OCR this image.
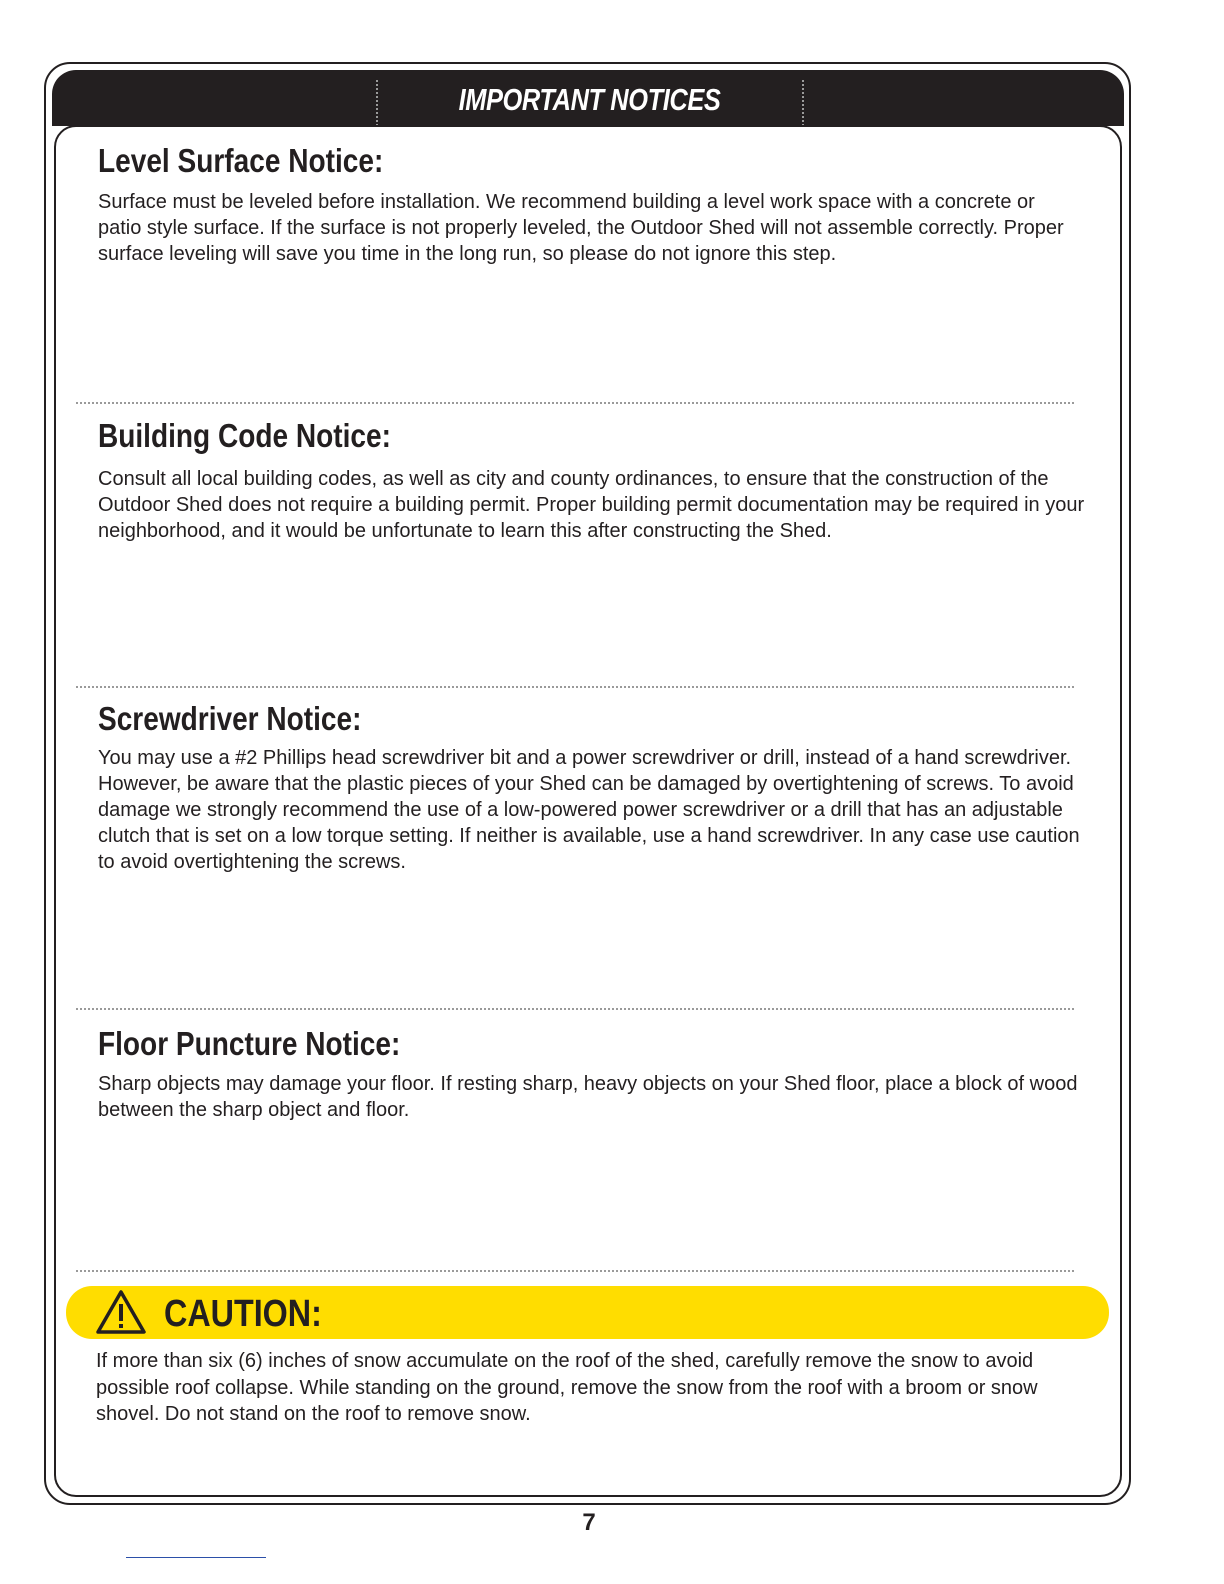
IMPORTANT NOTICES
Level Surface Notice:

Surface must be leveled before installation. We recommend building a level work space with a concrete or patio style surface. If the surface is not properly leveled, the Outdoor Shed will not assemble correctly. Proper surface leveling will save you time in the long run, so please do not ignore this step.

Building Code Notice:

Consult all local building codes, as well as city and county ordinances, to ensure that the construction of the Outdoor Shed does not require a building permit. Proper building permit documentation may be required in your neighborhood, and it would be unfortunate to learn this after constructing the Shed.

Screwdriver Notice:

You may use a #2 Phillips head screwdriver bit and a power screwdriver or drill, instead of a hand screwdriver. However, be aware that the plastic pieces of your Shed can be damaged by overtightening of screws. To avoid damage we strongly recommend the use of a low-powered power screwdriver or a drill that has an adjustable clutch that is set on a low torque setting. If neither is available, use a hand screwdriver. In any case use caution to avoid overtightening the screws.

Floor Puncture Notice:

Sharp objects may damage your floor. If resting sharp, heavy objects on your Shed floor, place a block of wood between the sharp object and floor.

CAUTION:

If more than six (6) inches of snow accumulate on the roof of the shed, carefully remove the snow to avoid possible roof collapse. While standing on the ground, remove the snow from the roof with a broom or snow shovel. Do not stand on the roof to remove snow.

7
